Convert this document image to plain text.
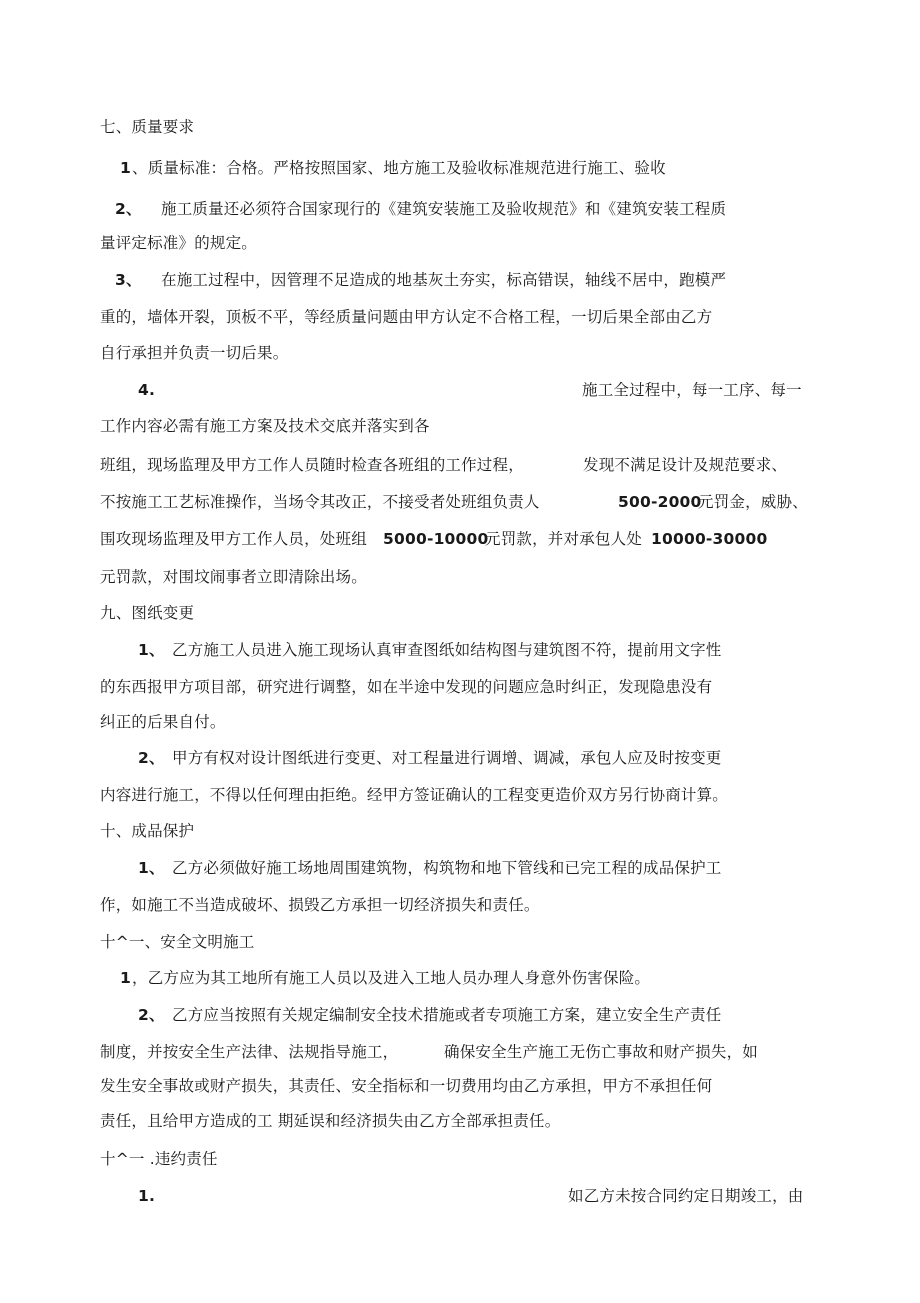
七、质量要求
1 、质量标准：合格。严格按照国家、地方施工及验收标准规范进行施工、验收
2、 施工质量还必须符合国家现行的《建筑安装施工及验收规范》和《建筑安装工程质
量评定标准》的规定。
3、 在施工过程中，因管理不足造成的地基灰土夯实，标高错误，轴线不居中，跑模严
重的，墙体开裂，顶板不平，等经质量问题由甲方认定不合格工程，一切后果全部由乙方
自行承担并负责一切后果。
4.	施工全过程中，每一工序、每一
工作内容必需有施工方案及技术交底并落实到各
班组，现场监理及甲方工作人员随时检查各班组的工作过程，	发现不满足设计及规范要求、
不按施工工艺标准操作，当场令其改正，不接受者处班组负责人	500-2000
元罚金，威胁、
围攻现场监理及甲方工作人员，处班组 5000-10000
元罚款，并对承包人处 10000-30000
元罚款，对围坟闹事者立即清除出场。
九、图纸变更
1、 乙方施工人员进入施工现场认真审查图纸如结构图与建筑图不符，提前用文字性
的东西报甲方项目部，研究进行调整，如在半途中发现的问题应急时纠正，发现隐患没有
纠正的后果自付。
2、 甲方有权对设计图纸进行变更、对工程量进行调增、调减，承包人应及时按变更
内容进行施工，不得以任何理由拒绝。经甲方签证确认的工程变更造价双方另行协商计算。
十、成品保护
1、 乙方必须做好施工场地周围建筑物，构筑物和地下管线和已完工程的成品保护工
作，如施工不当造成破坏、损毁乙方承担一切经济损失和责任。
十^一、安全文明施工
1 ，乙方应为其工地所有施工人员以及进入工地人员办理人身意外伤害保险。
2、 乙方应当按照有关规定编制安全技术措施或者专项施工方案，建立安全生产责任
制度，并按安全生产法律、法规指导施工，	确保安全生产施工无伤亡事故和财产损失，如
发生安全事故或财产损失，其责任、安全指标和一切费用均由乙方承担，甲方不承担任何
责任，且给甲方造成的工 期延误和经济损失由乙方全部承担责任。
十^一 .违约责任
1.	如乙方未按合同约定日期竣工，由
